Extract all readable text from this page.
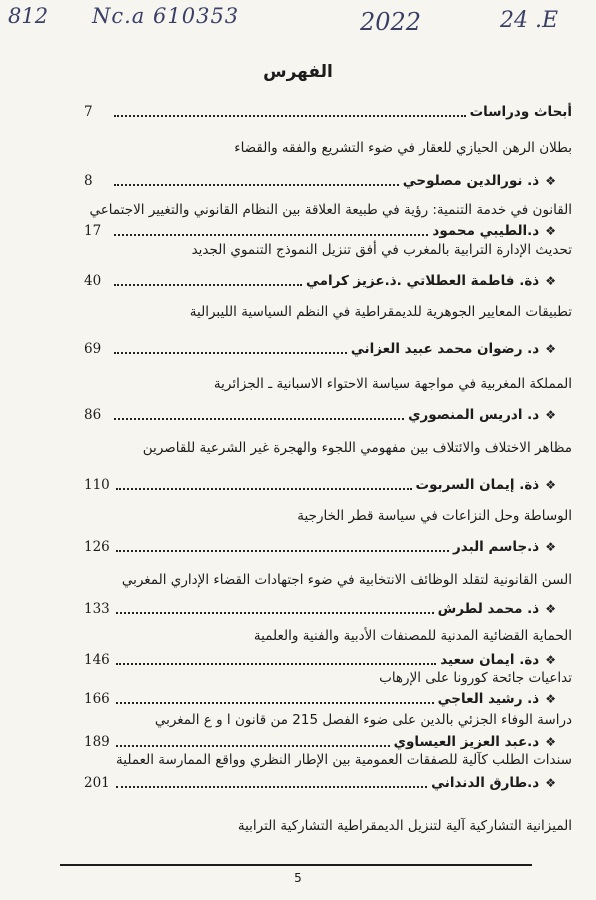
812 Nc.a 610353	2022	24 .E
الفهرس
أبحاث ودراسات
7
بطلان الرهن الحيازي للعقار في ضوء التشريع والفقه والقضاء
❖
ذ. نورالدين مصلوحي
8
القانون في خدمة التنمية: رؤية في طبيعة العلاقة بين النظام القانوني والتغيير الاجتماعي
❖
د.الطيبي محمود
17
تحديث الإدارة الترابية بالمغرب في أفق تنزيل النموذج التنموي الجديد
❖
ذة. فاطمة العطلاتي .ذ.عزيز كرامي
40
تطبيقات المعايير الجوهرية للديمقراطية في النظم السياسية الليبرالية
❖
د. رضوان محمد عبيد العزاني
69
المملكة المغربية في مواجهة سياسة الاحتواء الاسبانية ـ الجزائرية
❖
د. ادريس المنصوري
86
مظاهر الاختلاف والائتلاف بين مفهومي اللجوء والهجرة غير الشرعية للقاصرين
❖
ذة. إيمان السربوت
110
الوساطة وحل النزاعات في سياسة قطر الخارجية
❖
ذ.جاسم البدر
126
السن القانونية لتقلد الوظائف الانتخابية في ضوء اجتهادات القضاء الإداري المغربي
❖
ذ. محمد لطرش
133
الحماية القضائية المدنية للمصنفات الأدبية والفنية والعلمية
❖
دة. ايمان سعيد
146
تداعيات جائحة كورونا على الإرهاب
❖
ذ. رشيد العاجي
166
دراسة الوفاء الجزئي بالدين على ضوء الفصل 215 من قانون ا و ع المغربي
❖
د.عبد العزيز العيساوي
189
سندات الطلب كآلية للصفقات العمومية بين الإطار النظري وواقع الممارسة العملية
❖
د.طارق الدنداني
201
الميزانية التشاركية آلية لتنزيل الديمقراطية التشاركية الترابية
5
